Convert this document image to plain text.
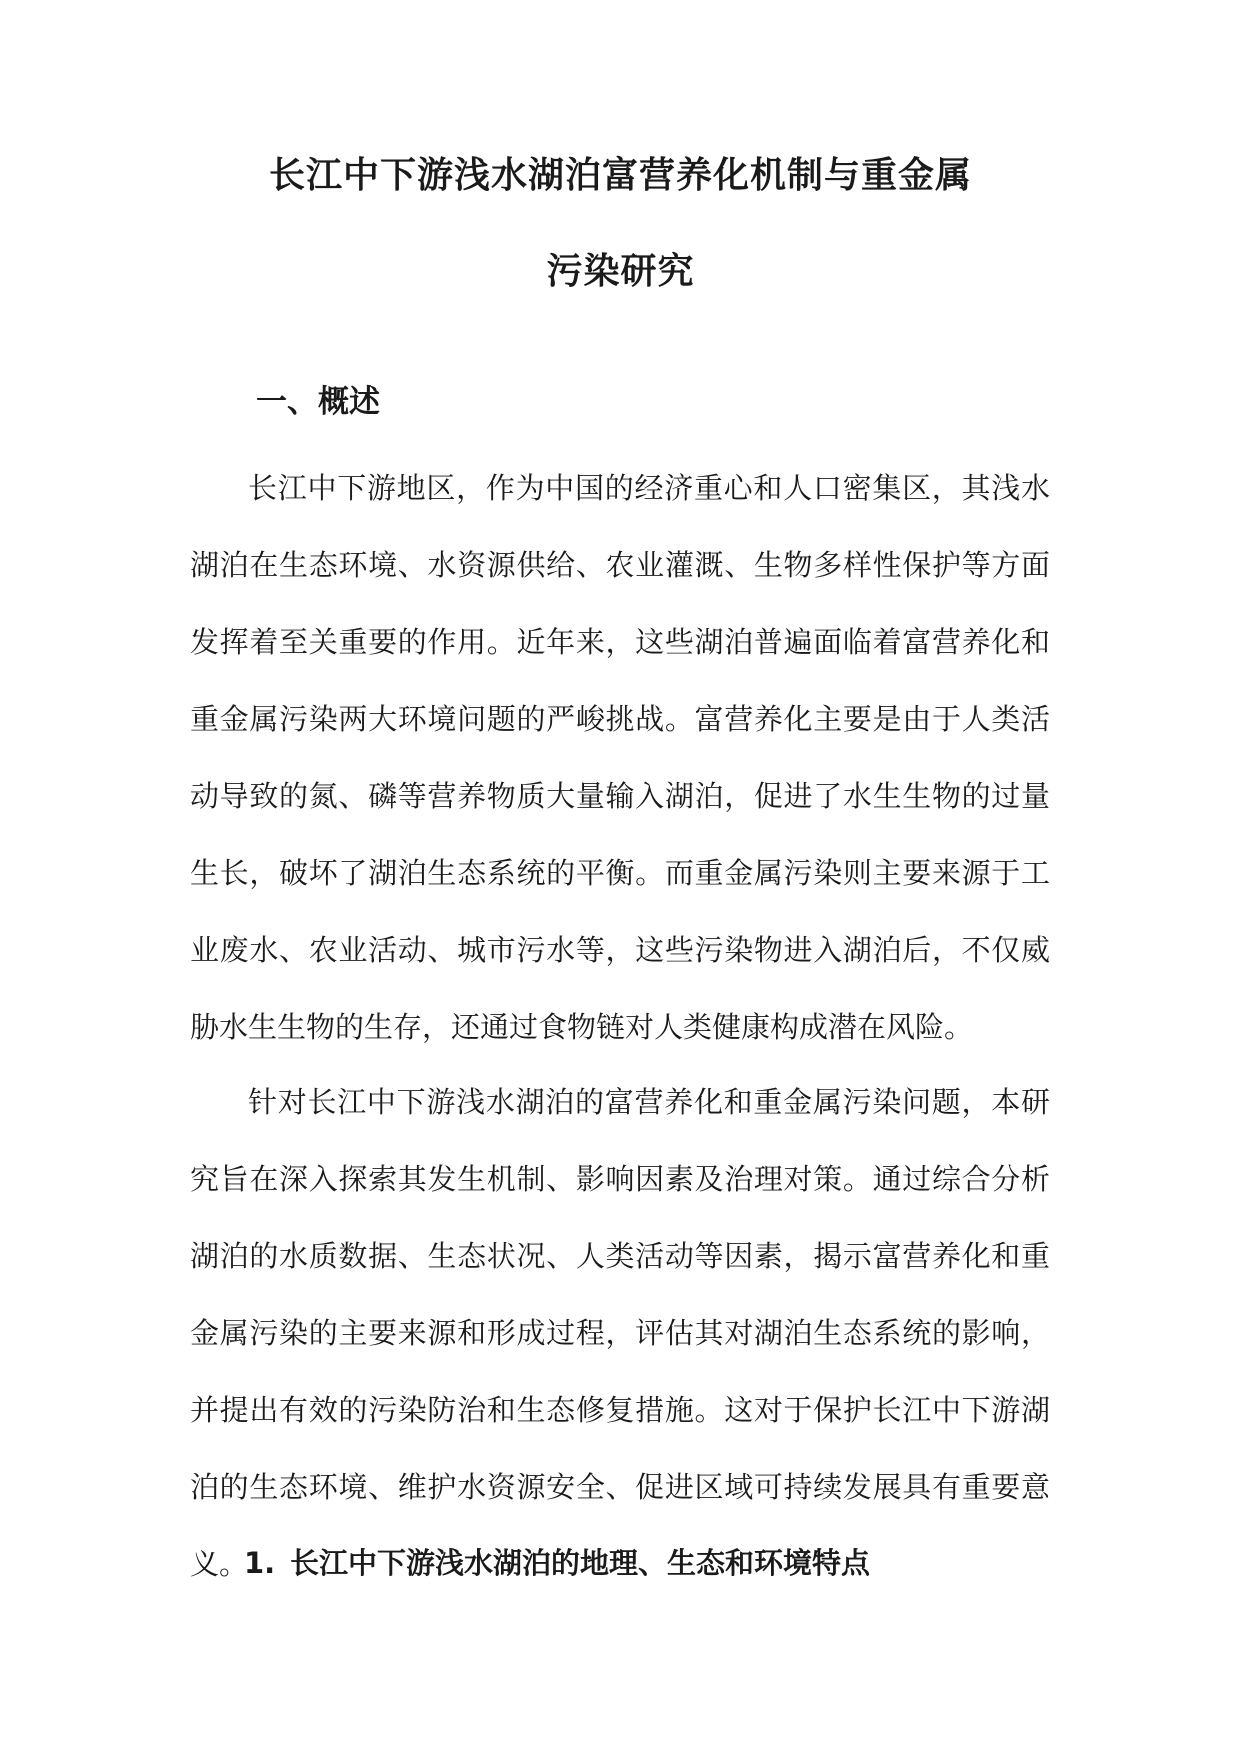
长江中下游浅水湖泊富营养化机制与重金属
污染研究
一、概述

长江中下游地区，作为中国的经济重心和人口密集区，其浅水湖泊在生态环境、水资源供给、农业灌溉、生物多样性保护等方面发挥着至关重要的作用。近年来，这些湖泊普遍面临着富营养化和重金属污染两大环境问题的严峻挑战。富营养化主要是由于人类活动导致的氮、磷等营养物质大量输入湖泊，促进了水生生物的过量生长，破坏了湖泊生态系统的平衡。而重金属污染则主要来源于工业废水、农业活动、城市污水等，这些污染物进入湖泊后，不仅威胁水生生物的生存，还通过食物链对人类健康构成潜在风险。

针对长江中下游浅水湖泊的富营养化和重金属污染问题，本研究旨在深入探索其发生机制、影响因素及治理对策。通过综合分析湖泊的水质数据、生态状况、人类活动等因素，揭示富营养化和重金属污染的主要来源和形成过程，评估其对湖泊生态系统的影响，并提出有效的污染防治和生态修复措施。这对于保护长江中下游湖泊的生态环境、维护水资源安全、促进区域可持续发展具有重要意义。

1. 长江中下游浅水湖泊的地理、生态和环境特点
